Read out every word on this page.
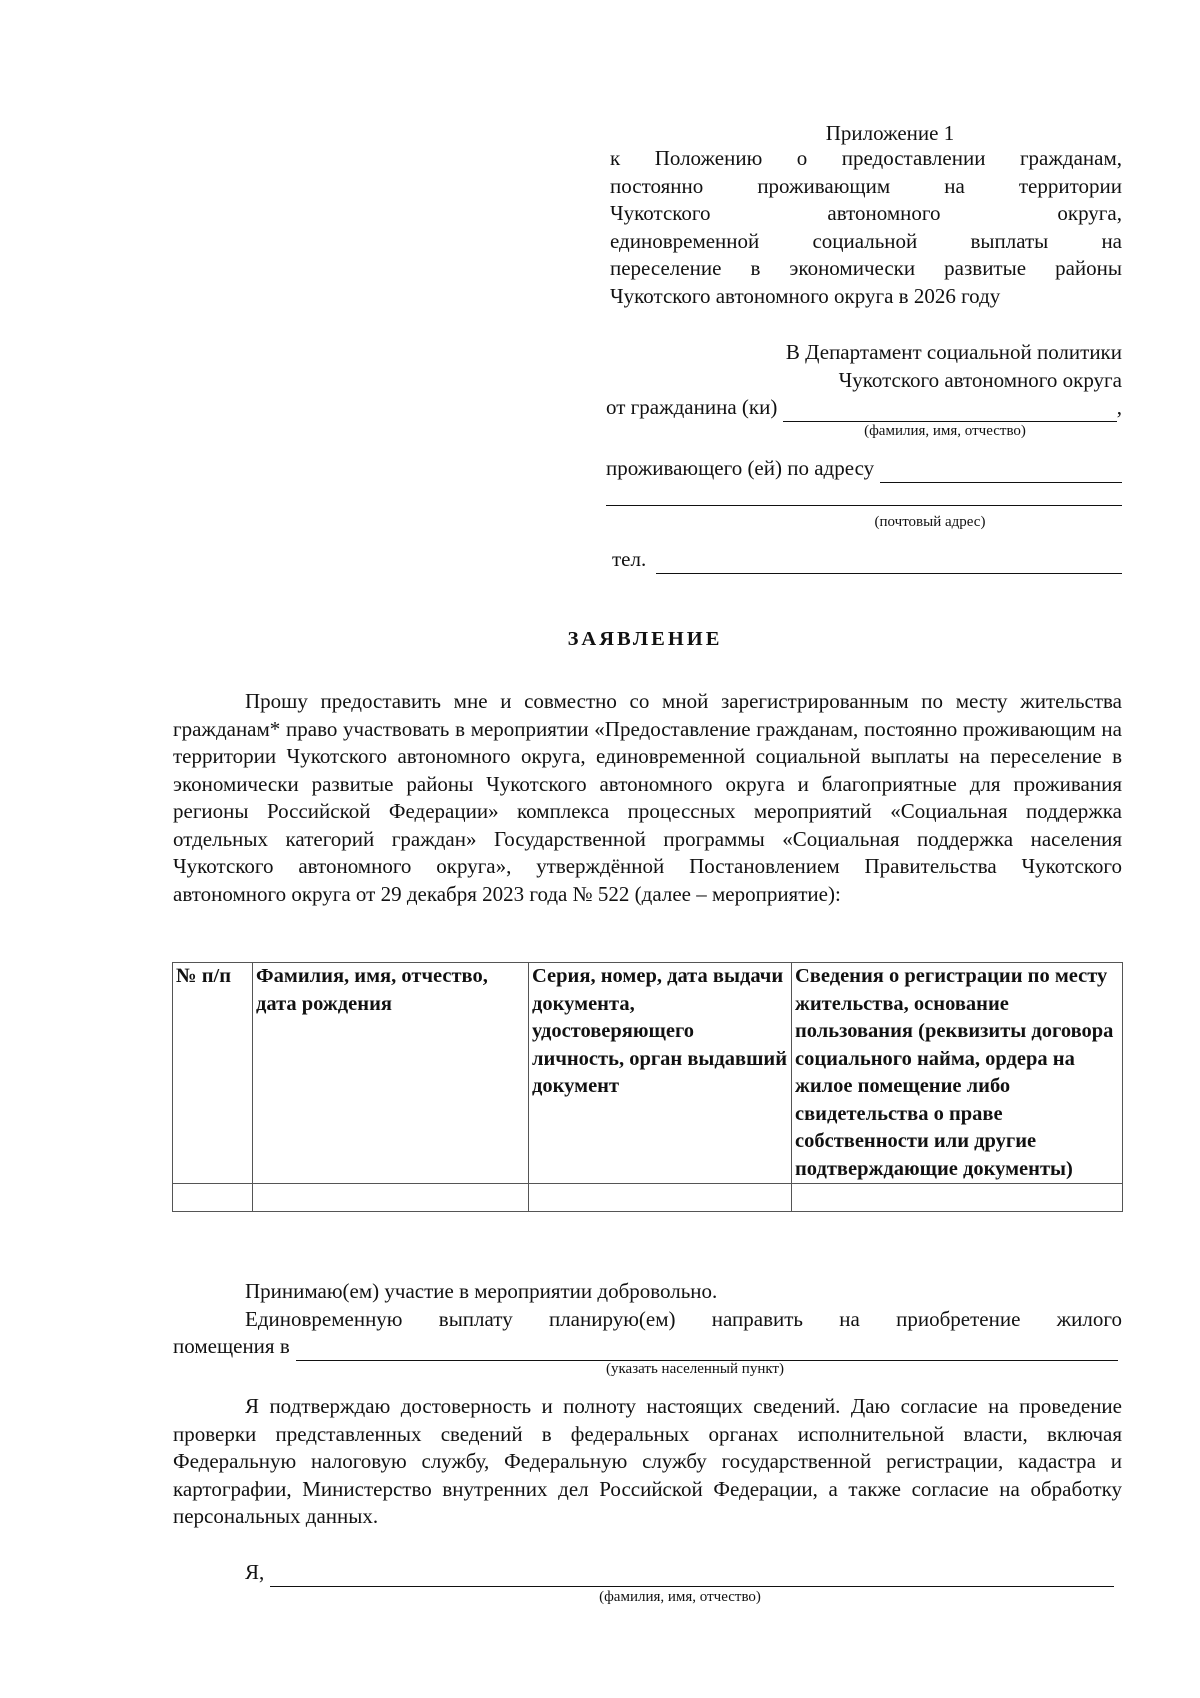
Приложение 1
к Положению о предоставлении гражданам,
постоянно проживающим на территории
Чукотского автономного округа,
единовременной социальной выплаты на
переселение в экономически развитые районы
Чукотского автономного округа в 2026 году
В Департамент социальной политики
Чукотского автономного округа
от гражданина (ки)	,
(фамилия, имя, отчество)
проживающего (ей) по адресу
(почтовый адрес)
тел.
ЗАЯВЛЕНИЕ
Прошу предоставить мне и совместно со мной зарегистрированным по месту жительства гражданам* право участвовать в мероприятии «Предоставление гражданам, постоянно проживающим на территории Чукотского автономного округа, единовременной социальной выплаты на переселение в экономически развитые районы Чукотского автономного округа и благоприятные для проживания регионы Российской Федерации» комплекса процессных мероприятий «Социальная поддержка отдельных категорий граждан» Государственной программы «Социальная поддержка населения Чукотского автономного округа», утверждённой Постановлением Правительства Чукотского автономного округа от 29 декабря 2023 года № 522 (далее – мероприятие):
№ п/п	Фамилия, имя, отчество, дата рождения	Серия, номер, дата выдачи документа, удостоверяющего личность, орган выдавший документ	Сведения о регистрации по месту жительства, основание пользования (реквизиты договора социального найма, ордера на жилое помещение либо свидетельства о праве собственности или другие подтверждающие документы)

Принимаю(ем) участие в мероприятии добровольно.
Единовременную выплату планирую(ем) направить на приобретение жилого
помещения в
(указать населенный пункт)
Я подтверждаю достоверность и полноту настоящих сведений. Даю согласие на проведение проверки представленных сведений в федеральных органах исполнительной власти, включая Федеральную налоговую службу, Федеральную службу государственной регистрации, кадастра и картографии, Министерство внутренних дел Российской Федерации, а также согласие на обработку персональных данных.
Я,
(фамилия, имя, отчество)
